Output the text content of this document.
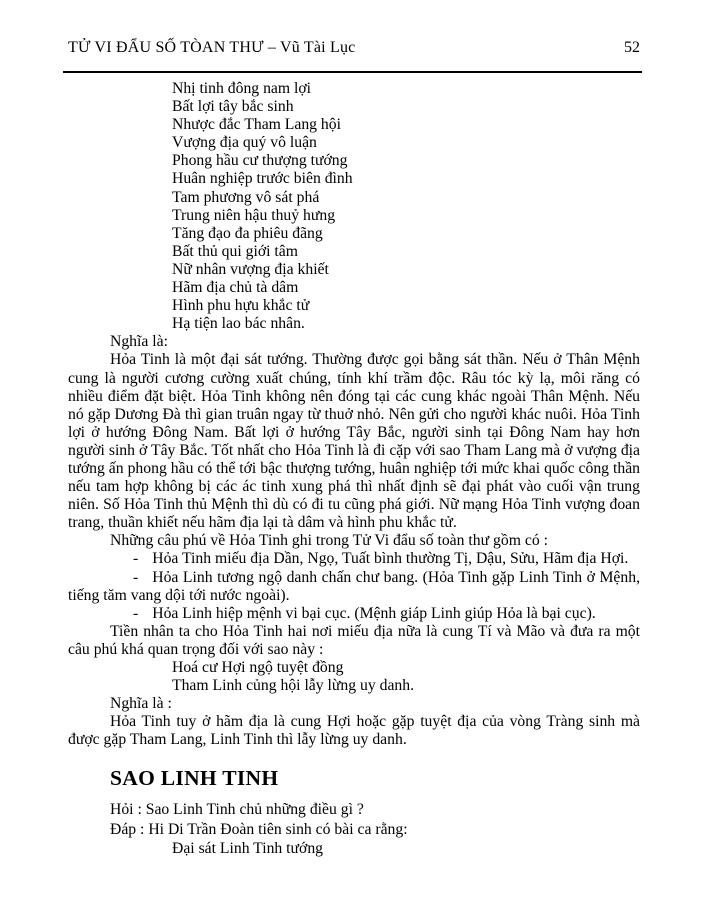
TỬ VI ĐẨU SỐ TÒAN THƯ – Vũ Tài Lục	52
Nhị tinh đông nam lợi
Bất lợi tây bắc sinh
Nhược đắc Tham Lang hội
Vượng địa quý vô luận
Phong hầu cư thượng tướng
Huân nghiệp trước biên đình
Tam phương vô sát phá
Trung niên hậu thuỷ hưng
Tăng đạo đa phiêu đãng
Bất thủ qui giới tâm
Nữ nhân vượng địa khiết
Hãm địa chủ tà dâm
Hình phu hựu khắc tử
Hạ tiện lao bác nhân.

Nghĩa là:

Hỏa Tinh là một đại sát tướng. Thường được gọi bằng sát thần. Nếu ở Thân Mệnh cung là người cương cường xuất chúng, tính khí trầm độc. Râu tóc kỳ lạ, môi răng có nhiều điểm đặt biệt. Hỏa Tinh không nên đóng tại các cung khác ngoài Thân Mệnh. Nếu nó gặp Dương Đà thì gian truân ngay từ thuở nhỏ. Nên gửi cho người khác nuôi. Hỏa Tinh lợi ở hướng Đông Nam. Bất lợi ở hướng Tây Bắc, người sinh tại Đông Nam hay hơn người sinh ở Tây Bắc. Tốt nhất cho Hỏa Tinh là đi cặp với sao Tham Lang mà ở vượng địa tướng ấn phong hầu có thể tới bậc thượng tướng, huân nghiệp tới mức khai quốc công thần nếu tam hợp không bị các ác tinh xung phá thì nhất định sẽ đại phát vào cuối vận trung niên. Số Hỏa Tinh thủ Mệnh thì dù có đi tu cũng phá giới. Nữ mạng Hỏa Tinh vượng đoan trang, thuần khiết nếu hãm địa lại tà dâm và hình phu khắc tử.

Những câu phú về Hỏa Tinh ghi trong Tử Vi đẩu số toàn thư gồm có :

- Hỏa Tinh miếu địa Dần, Ngọ, Tuất bình thường Tị, Dậu, Sửu, Hãm địa Hợi.

- Hỏa Linh tương ngộ danh chấn chư bang. (Hỏa Tinh gặp Linh Tinh ở Mệnh, tiếng tăm vang dội tới nước ngoài).

- Hỏa Linh hiệp mệnh vi bại cục. (Mệnh giáp Linh giúp Hỏa là bại cục).

Tiền nhân ta cho Hỏa Tinh hai nơi miếu địa nữa là cung Tí và Mão và đưa ra một câu phú khá quan trọng đối với sao này :

Hoá cư Hợi ngộ tuyệt đồng
Tham Linh củng hội lẫy lừng uy danh.

Nghĩa là :

Hỏa Tinh tuy ở hãm địa là cung Hợi hoặc gặp tuyệt địa của vòng Tràng sinh mà được gặp Tham Lang, Linh Tinh thì lẫy lừng uy danh.

SAO LINH TINH

Hỏi : Sao Linh Tinh chủ những điều gì ?

Đáp : Hi Di Trần Đoàn tiên sinh có bài ca rằng:

Đại sát Linh Tinh tướng
